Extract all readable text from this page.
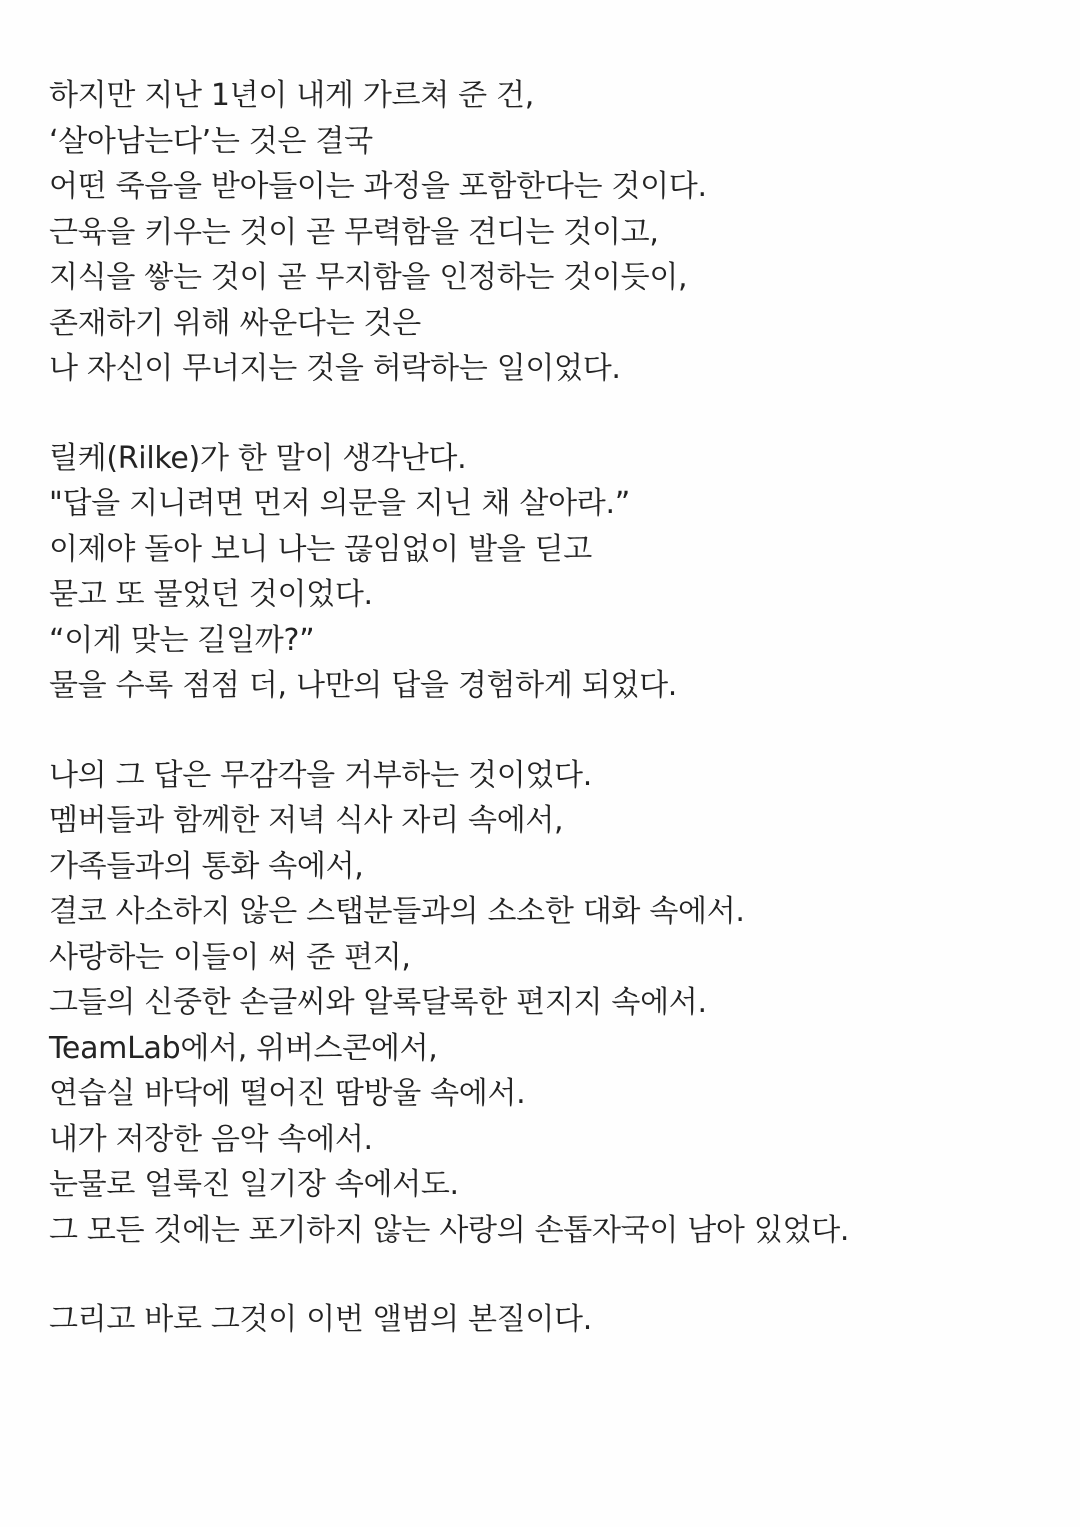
하지만 지난 1년이 내게 가르쳐 준 건,
‘살아남는다’는 것은 결국
어떤 죽음을 받아들이는 과정을 포함한다는 것이다.
근육을 키우는 것이 곧 무력함을 견디는 것이고,
지식을 쌓는 것이 곧 무지함을 인정하는 것이듯이,
존재하기 위해 싸운다는 것은
나 자신이 무너지는 것을 허락하는 일이었다.
릴케(Rilke)가 한 말이 생각난다.
"답을 지니려면 먼저 의문을 지닌 채 살아라.”
이제야 돌아 보니 나는 끊임없이 발을 딛고
묻고 또 물었던 것이었다.
“이게 맞는 길일까?”
물을 수록 점점 더, 나만의 답을 경험하게 되었다.
나의 그 답은 무감각을 거부하는 것이었다.
멤버들과 함께한 저녁 식사 자리 속에서,
가족들과의 통화 속에서,
결코 사소하지 않은 스탭분들과의 소소한 대화 속에서.
사랑하는 이들이 써 준 편지,
그들의 신중한 손글씨와 알록달록한 편지지 속에서.
TeamLab에서, 위버스콘에서,
연습실 바닥에 떨어진 땀방울 속에서.
내가 저장한 음악 속에서.
눈물로 얼룩진 일기장 속에서도.
그 모든 것에는 포기하지 않는 사랑의 손톱자국이 남아 있었다.
그리고 바로 그것이 이번 앨범의 본질이다.
